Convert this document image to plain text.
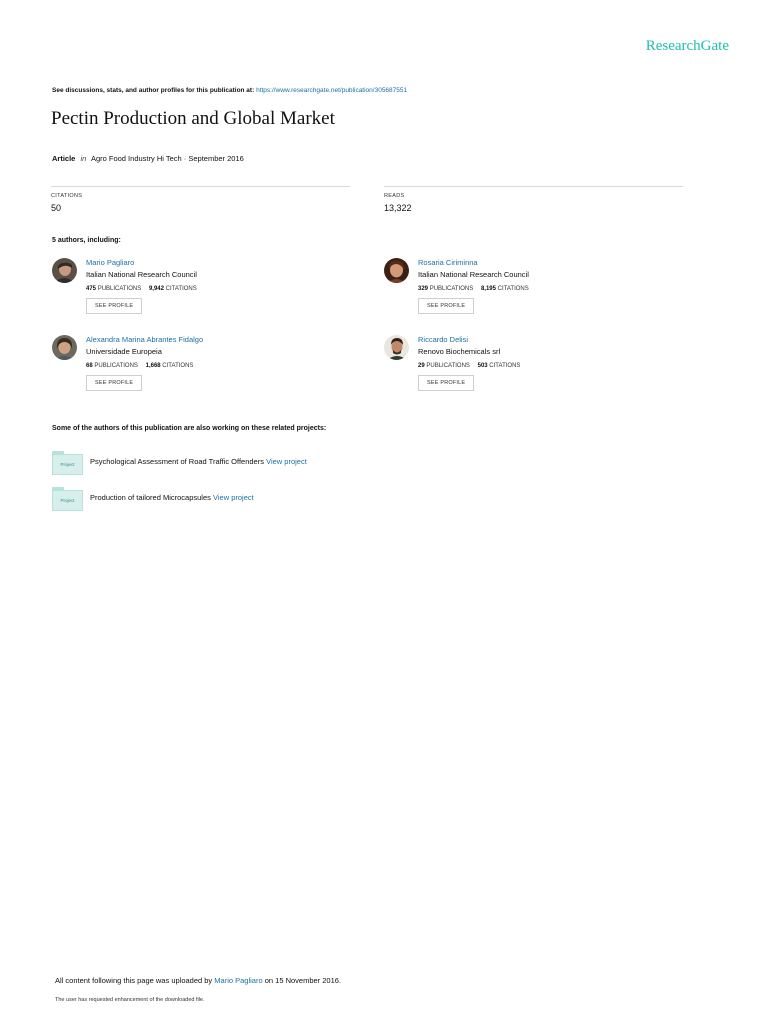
ResearchGate
See discussions, stats, and author profiles for this publication at: https://www.researchgate.net/publication/305687551
Pectin Production and Global Market
Article in Agro Food Industry Hi Tech · September 2016
CITATIONS
50
READS
13,322
5 authors, including:
Mario Pagliaro
Italian National Research Council
475 PUBLICATIONS 9,942 CITATIONS
SEE PROFILE
Rosaria Ciriminna
Italian National Research Council
329 PUBLICATIONS 8,195 CITATIONS
SEE PROFILE
Alexandra Marina Abrantes Fidalgo
Universidade Europeia
68 PUBLICATIONS 1,668 CITATIONS
SEE PROFILE
Riccardo Delisi
Renovo Biochemicals srl
29 PUBLICATIONS 503 CITATIONS
SEE PROFILE
Some of the authors of this publication are also working on these related projects:
Project	Psychological Assessment of Road Traffic Offenders View project
Project	Production of tailored Microcapsules View project
All content following this page was uploaded by Mario Pagliaro on 15 November 2016.
The user has requested enhancement of the downloaded file.
